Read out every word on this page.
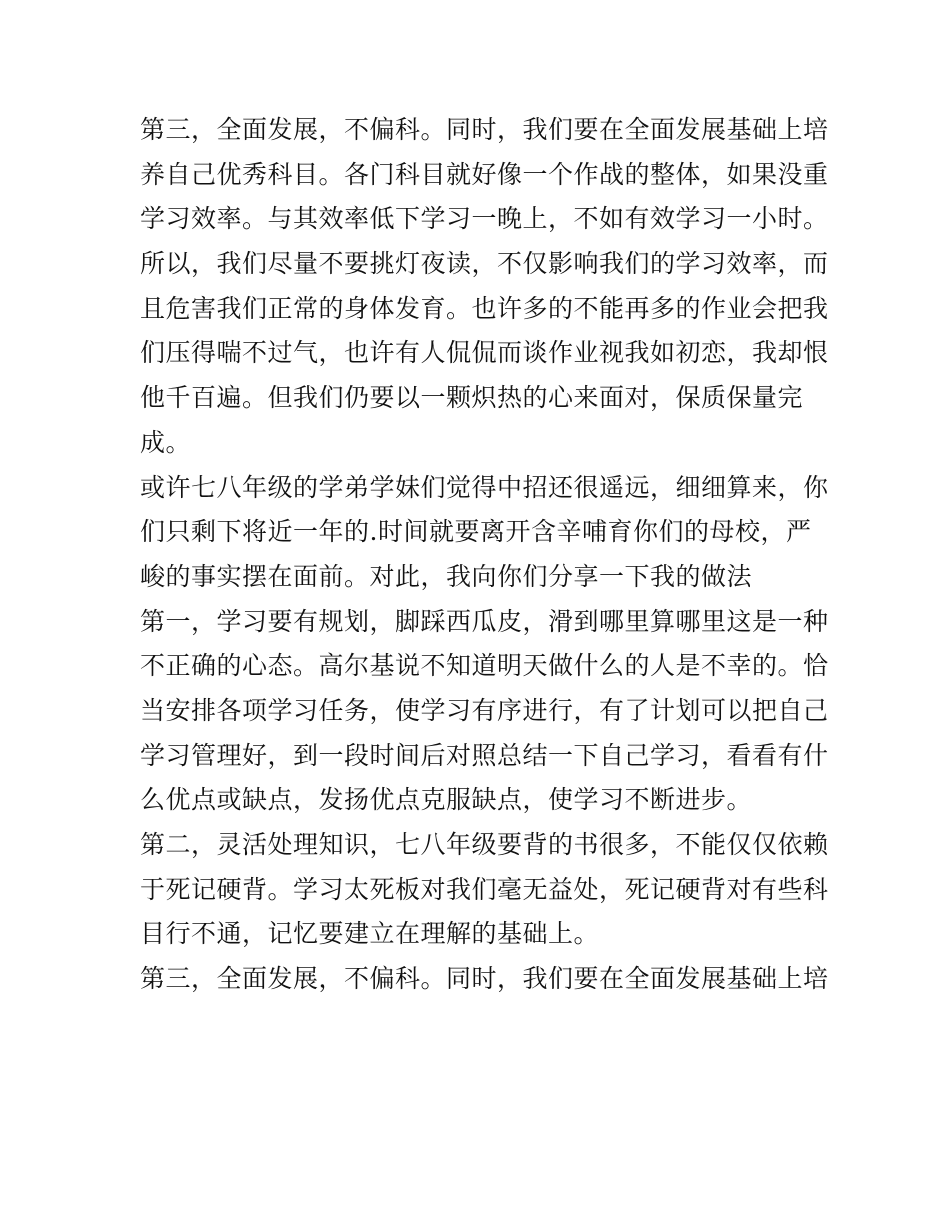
第三，全面发展，不偏科。同时，我们要在全面发展基础上培
养自己优秀科目。各门科目就好像一个作战的整体，如果没重
学习效率。与其效率低下学习一晚上，不如有效学习一小时。
所以，我们尽量不要挑灯夜读，不仅影响我们的学习效率，而
且危害我们正常的身体发育。也许多的不能再多的作业会把我
们压得喘不过气，也许有人侃侃而谈作业视我如初恋，我却恨
他千百遍。但我们仍要以一颗炽热的心来面对，保质保量完
成。
或许七八年级的学弟学妹们觉得中招还很遥远，细细算来，你
们只剩下将近一年的.时间就要离开含辛哺育你们的母校，严
峻的事实摆在面前。对此，我向你们分享一下我的做法
第一，学习要有规划，脚踩西瓜皮，滑到哪里算哪里这是一种
不正确的心态。高尔基说不知道明天做什么的人是不幸的。恰
当安排各项学习任务，使学习有序进行，有了计划可以把自己
学习管理好，到一段时间后对照总结一下自己学习，看看有什
么优点或缺点，发扬优点克服缺点，使学习不断进步。
第二，灵活处理知识，七八年级要背的书很多，不能仅仅依赖
于死记硬背。学习太死板对我们毫无益处，死记硬背对有些科
目行不通，记忆要建立在理解的基础上。
第三，全面发展，不偏科。同时，我们要在全面发展基础上培
